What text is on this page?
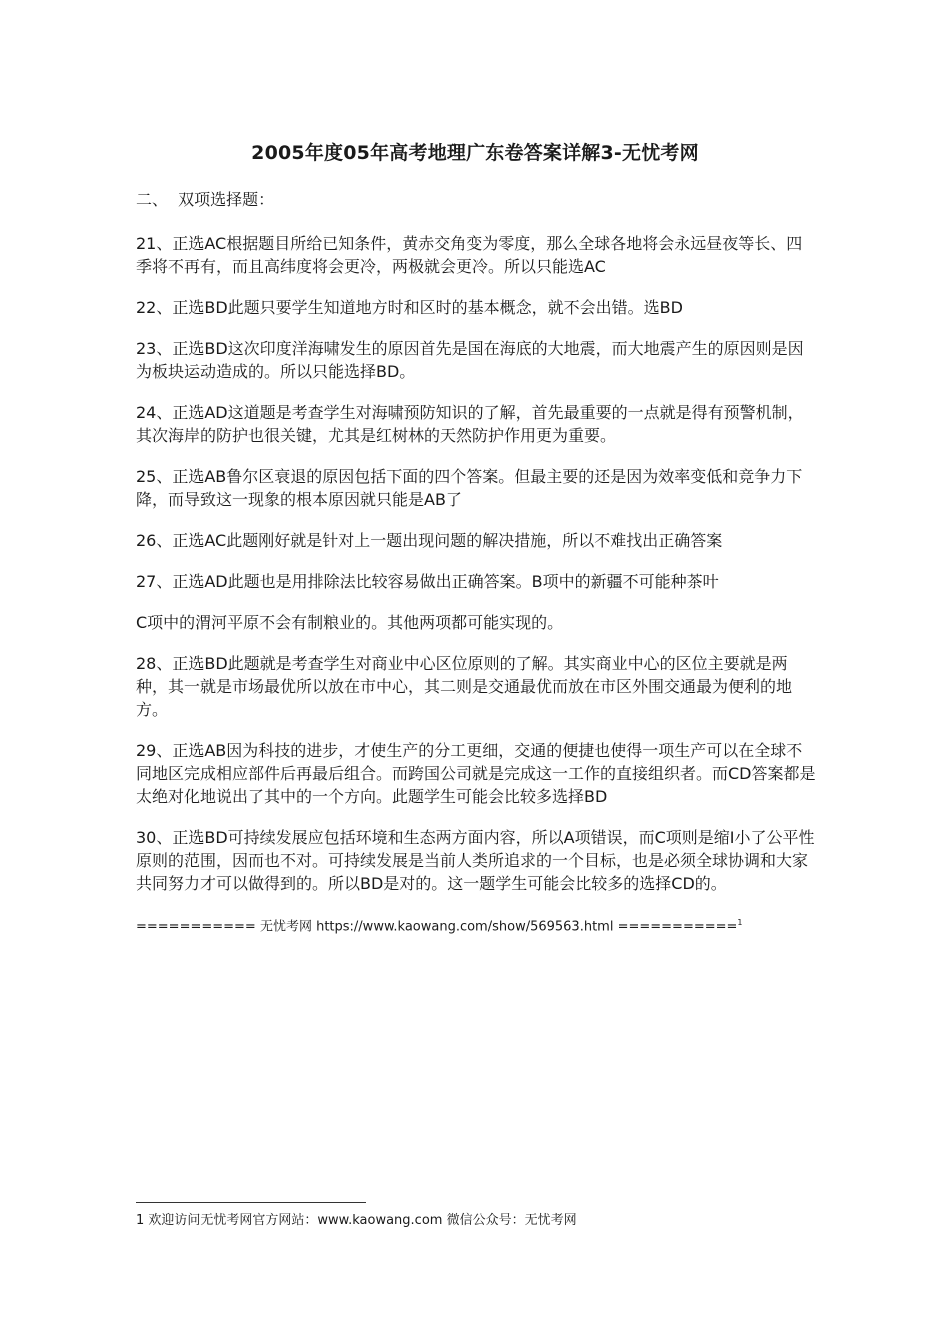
2005年度05年高考地理广东卷答案详解3-无忧考网
二、  双项选择题：

21、正选AC根据题目所给已知条件，黄赤交角变为零度，那么全球各地将会永远昼夜等长、四季将不再有，而且高纬度将会更冷，两极就会更冷。所以只能选AC

22、正选BD此题只要学生知道地方时和区时的基本概念，就不会出错。选BD

23、正选BD这次印度洋海啸发生的原因首先是国在海底的大地震，而大地震产生的原因则是因为板块运动造成的。所以只能选择BD。

24、正选AD这道题是考查学生对海啸预防知识的了解，首先最重要的一点就是得有预警机制，其次海岸的防护也很关键，尤其是红树林的天然防护作用更为重要。

25、正选AB鲁尔区衰退的原因包括下面的四个答案。但最主要的还是因为效率变低和竞争力下降，而导致这一现象的根本原因就只能是AB了

26、正选AC此题刚好就是针对上一题出现问题的解决措施，所以不难找出正确答案

27、正选AD此题也是用排除法比较容易做出正确答案。B项中的新疆不可能种茶叶

C项中的渭河平原不会有制粮业的。其他两项都可能实现的。

28、正选BD此题就是考查学生对商业中心区位原则的了解。其实商业中心的区位主要就是两种，其一就是市场最优所以放在市中心，其二则是交通最优而放在市区外围交通最为便利的地方。

29、正选AB因为科技的进步，才使生产的分工更细，交通的便捷也使得一项生产可以在全球不同地区完成相应部件后再最后组合。而跨国公司就是完成这一工作的直接组织者。而CD答案都是太绝对化地说出了其中的一个方向。此题学生可能会比较多选择BD

30、正选BD可持续发展应包括环境和生态两方面内容，所以A项错误，而C项则是缩I小了公平性原则的范围，因而也不对。可持续发展是当前人类所追求的一个目标，也是必须全球协调和大家共同努力才可以做得到的。所以BD是对的。这一题学生可能会比较多的选择CD的。

=========== 无忧考网 https://www.kaowang.com/show/569563.html ===========$^1$
1 欢迎访问无忧考网官方网站：www.kaowang.com 微信公众号：无忧考网
